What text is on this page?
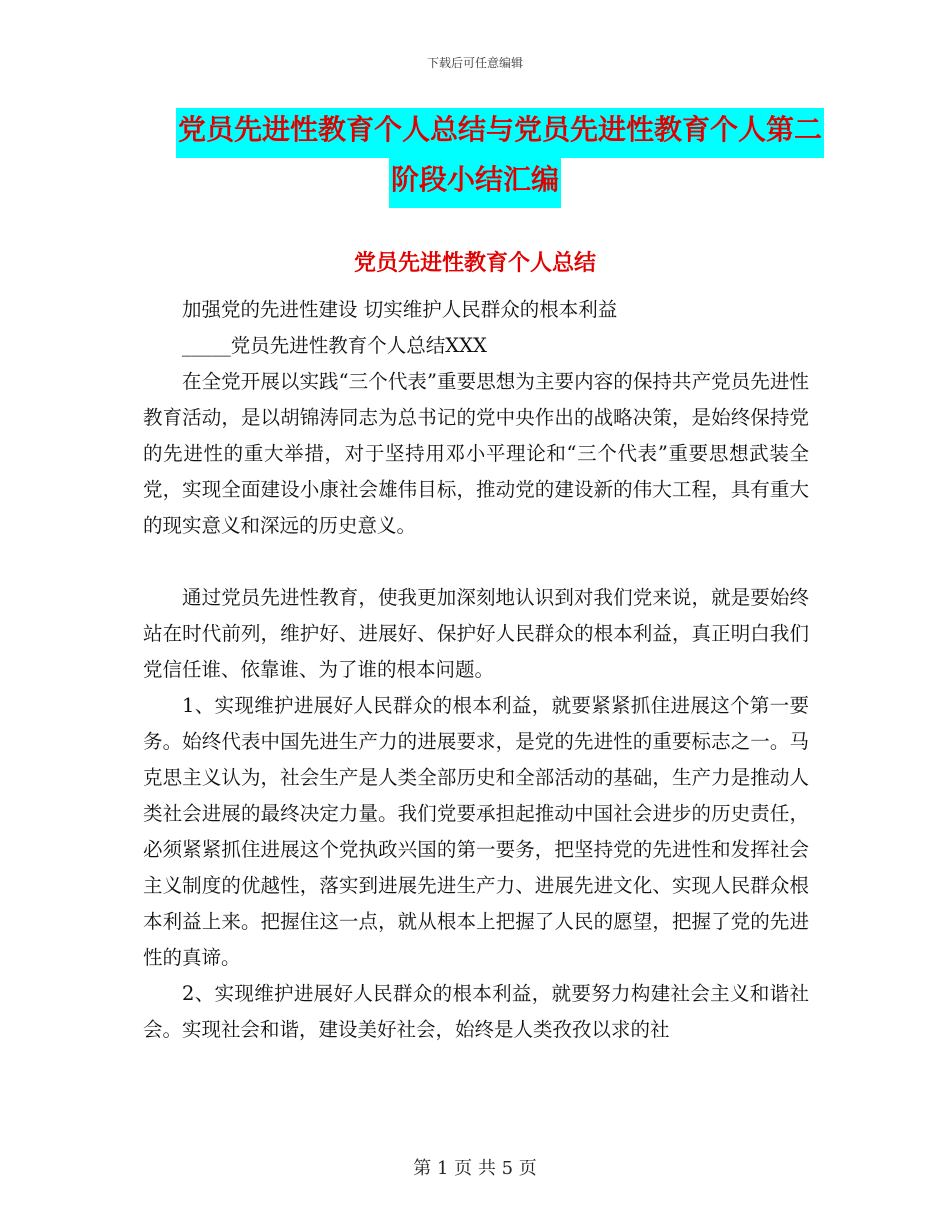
下载后可任意编辑
党员先进性教育个人总结与党员先进性教育个人第二
阶段小结汇编
党员先进性教育个人总结

加强党的先进性建设 切实维护人民群众的根本利益

_____党员先进性教育个人总结XXX

在全党开展以实践“三个代表”重要思想为主要内容的保持共产党员先进性教育活动，是以胡锦涛同志为总书记的党中央作出的战略决策，是始终保持党的先进性的重大举措，对于坚持用邓小平理论和“三个代表”重要思想武装全党，实现全面建设小康社会雄伟目标，推动党的建设新的伟大工程，具有重大的现实意义和深远的历史意义。

通过党员先进性教育，使我更加深刻地认识到对我们党来说，就是要始终站在时代前列，维护好、进展好、保护好人民群众的根本利益，真正明白我们党信任谁、依靠谁、为了谁的根本问题。

1、实现维护进展好人民群众的根本利益，就要紧紧抓住进展这个第一要务。始终代表中国先进生产力的进展要求，是党的先进性的重要标志之一。马克思主义认为，社会生产是人类全部历史和全部活动的基础，生产力是推动人类社会进展的最终决定力量。我们党要承担起推动中国社会进步的历史责任，必须紧紧抓住进展这个党执政兴国的第一要务，把坚持党的先进性和发挥社会主义制度的优越性，落实到进展先进生产力、进展先进文化、实现人民群众根本利益上来。把握住这一点，就从根本上把握了人民的愿望，把握了党的先进性的真谛。

2、实现维护进展好人民群众的根本利益，就要努力构建社会主义和谐社会。实现社会和谐，建设美好社会，始终是人类孜孜以求的社

第 1 页 共 5 页
